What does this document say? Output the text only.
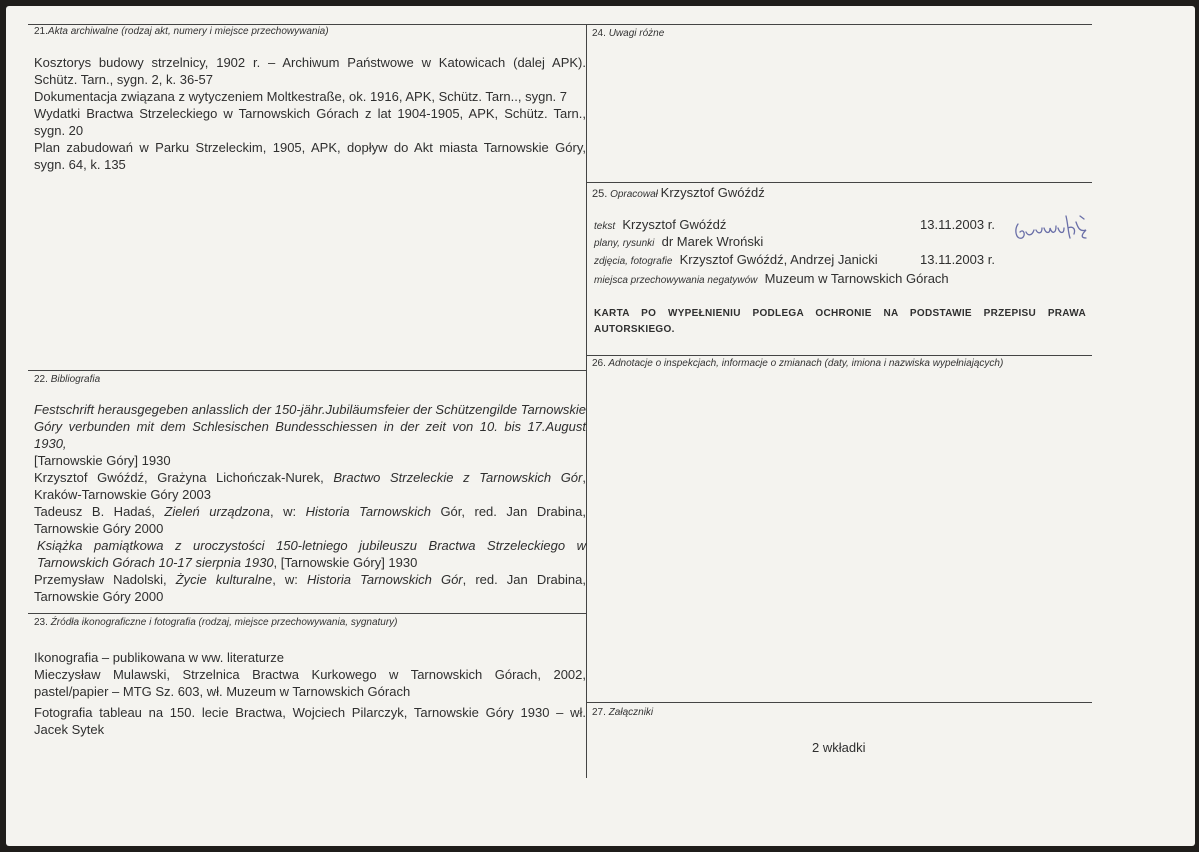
21.Akta archiwalne (rodzaj akt, numery i miejsce przechowywania)

Kosztorys budowy strzelnicy, 1902 r. – Archiwum Państwowe w Katowicach (dalej APK). Schütz. Tarn., sygn. 2, k. 36-57

Dokumentacja związana z wytyczeniem Moltkestraße, ok. 1916, APK, Schütz. Tarn.., sygn. 7

Wydatki Bractwa Strzeleckiego w Tarnowskich Górach z lat 1904-1905, APK, Schütz. Tarn., sygn. 20

Plan zabudowań w Parku Strzeleckim, 1905, APK, dopływ do Akt miasta Tarnowskie Góry, sygn. 64, k. 135

22. Bibliografia

Festschrift herausgegeben anlasslich der 150-jähr.Jubiläumsfeier der Schützengilde Tarnowskie Góry verbunden mit dem Schlesischen Bundesschiessen in der zeit von 10. bis 17.August 1930,
[Tarnowskie Góry] 1930

Krzysztof Gwóźdź, Grażyna Lichończak-Nurek, Bractwo Strzeleckie z Tarnowskich Gór, Kraków-Tarnowskie Góry 2003

Tadeusz B. Hadaś, Zieleń urządzona, w: Historia Tarnowskich Gór, red. Jan Drabina, Tarnowskie Góry 2000

Książka pamiątkowa z uroczystości 150-letniego jubileuszu Bractwa Strzeleckiego w Tarnowskich Górach 10-17 sierpnia 1930, [Tarnowskie Góry] 1930

Przemysław Nadolski, Życie kulturalne, w: Historia Tarnowskich Gór, red. Jan Drabina, Tarnowskie Góry 2000

23. Źródła ikonograficzne i fotografia (rodzaj, miejsce przechowywania, sygnatury)

Ikonografia – publikowana w ww. literaturze

Mieczysław Mulawski, Strzelnica Bractwa Kurkowego w Tarnowskich Górach, 2002, pastel/papier – MTG Sz. 603, wł. Muzeum w Tarnowskich Górach

Fotografia tableau na 150. lecie Bractwa, Wojciech Pilarczyk, Tarnowskie Góry 1930 – wł. Jacek Sytek

24. Uwagi różne
25. Opracował Krzysztof Gwóźdź
tekst Krzysztof Gwóźdź	13.11.2003 r.
plany, rysunki dr Marek Wroński
zdjęcia, fotografie Krzysztof Gwóźdź, Andrzej Janicki	13.11.2003 r.
miejsca przechowywania negatywów Muzeum w Tarnowskich Górach
KARTA PO WYPEŁNIENIU PODLEGA OCHRONIE NA PODSTAWIE PRZEPISU PRAWA AUTORSKIEGO.
26. Adnotacje o inspekcjach, informacje o zmianach (daty, imiona i nazwiska wypełniających)
27. Załączniki
2 wkładki
